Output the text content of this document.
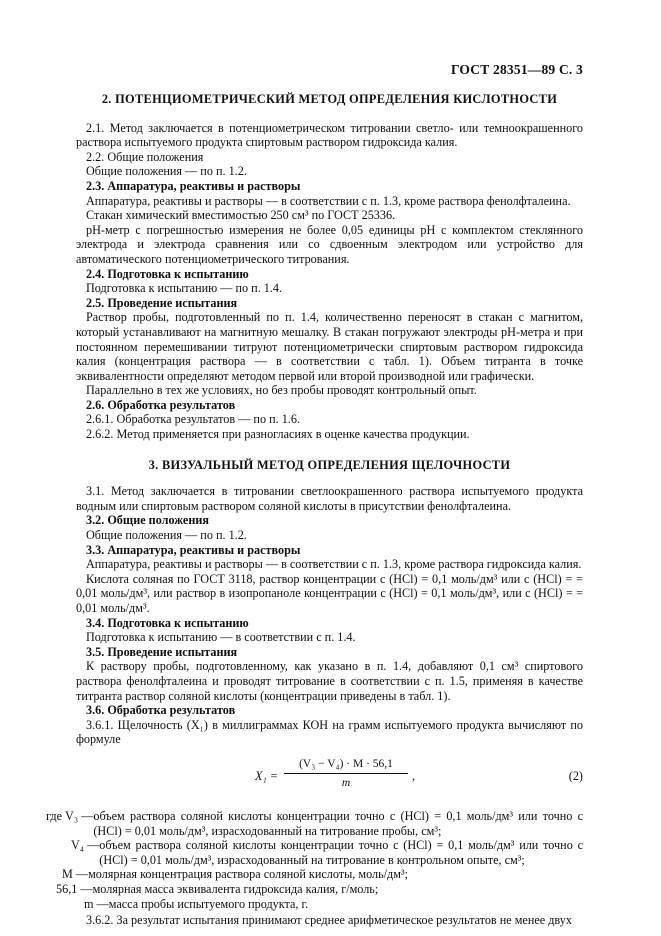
ГОСТ 28351—89 С. 3

2. ПОТЕНЦИОМЕТРИЧЕСКИЙ МЕТОД ОПРЕДЕЛЕНИЯ КИСЛОТНОСТИ

2.1. Метод заключается в потенциометрическом титровании светло- или темноокрашенного раствора испытуемого продукта спиртовым раствором гидроксида калия.

2.2. Общие положения

Общие положения — по п. 1.2.

2.3. Аппаратура, реактивы и растворы

Аппаратура, реактивы и растворы — в соответствии с п. 1.3, кроме раствора фенолфталеина.

Стакан химический вместимостью 250 см³ по ГОСТ 25336.

pH-метр с погрешностью измерения не более 0,05 единицы pH с комплектом стеклянного электрода и электрода сравнения или со сдвоенным электродом или устройство для автоматического потенциометрического титрования.

2.4. Подготовка к испытанию

Подготовка к испытанию — по п. 1.4.

2.5. Проведение испытания

Раствор пробы, подготовленный по п. 1.4, количественно переносят в стакан с магнитом, который устанавливают на магнитную мешалку. В стакан погружают электроды pH-метра и при постоянном перемешивании титруют потенциометрически спиртовым раствором гидроксида калия (концентрация раствора — в соответствии с табл. 1). Объем титранта в точке эквивалентности определяют методом первой или второй производной или графически.

Параллельно в тех же условиях, но без пробы проводят контрольный опыт.

2.6. Обработка результатов

2.6.1. Обработка результатов — по п. 1.6.

2.6.2. Метод применяется при разногласиях в оценке качества продукции.

3. ВИЗУАЛЬНЫЙ МЕТОД ОПРЕДЕЛЕНИЯ ЩЕЛОЧНОСТИ

3.1. Метод заключается в титровании светлоокрашенного раствора испытуемого продукта водным или спиртовым раствором соляной кислоты в присутствии фенолфталеина.

3.2. Общие положения

Общие положения — по п. 1.2.

3.3. Аппаратура, реактивы и растворы

Аппаратура, реактивы и растворы — в соответствии с п. 1.3, кроме раствора гидроксида калия.

Кислота соляная по ГОСТ 3118, раствор концентрации c (HCl) = 0,1 моль/дм³ или c (HCl) = = 0,01 моль/дм³, или раствор в изопропаноле концентрации c (HCl) = 0,1 моль/дм³, или c (HCl) = = 0,01 моль/дм³.

3.4. Подготовка к испытанию

Подготовка к испытанию — в соответствии с п. 1.4.

3.5. Проведение испытания

К раствору пробы, подготовленному, как указано в п. 1.4, добавляют 0,1 см³ спиртового раствора фенолфталеина и проводят титрование в соответствии с п. 1.5, применяя в качестве титранта раствор соляной кислоты (концентрации приведены в табл. 1).

3.6. Обработка результатов

3.6.1. Щелочность (X₁) в миллиграммах КОН на грамм испытуемого продукта вычисляют по формуле

X₁ =
(V₃ − V₄) · M · 56,1
m	,	(2)
где V₃ — объем раствора соляной кислоты концентрации точно c (HCl) = 0,1 моль/дм³ или точно c (HCl) = 0,01 моль/дм³, израсходованный на титрование пробы, см³;
V₄ — объем раствора соляной кислоты концентрации точно c (HCl) = 0,1 моль/дм³ или точно c (HCl) = 0,01 моль/дм³, израсходованный на титрование в контрольном опыте, см³;
M — молярная концентрация раствора соляной кислоты, моль/дм³;
56,1 — молярная масса эквивалента гидроксида калия, г/моль;
m — масса пробы испытуемого продукта, г.

3.6.2. За результат испытания принимают среднее арифметическое результатов не менее двух
